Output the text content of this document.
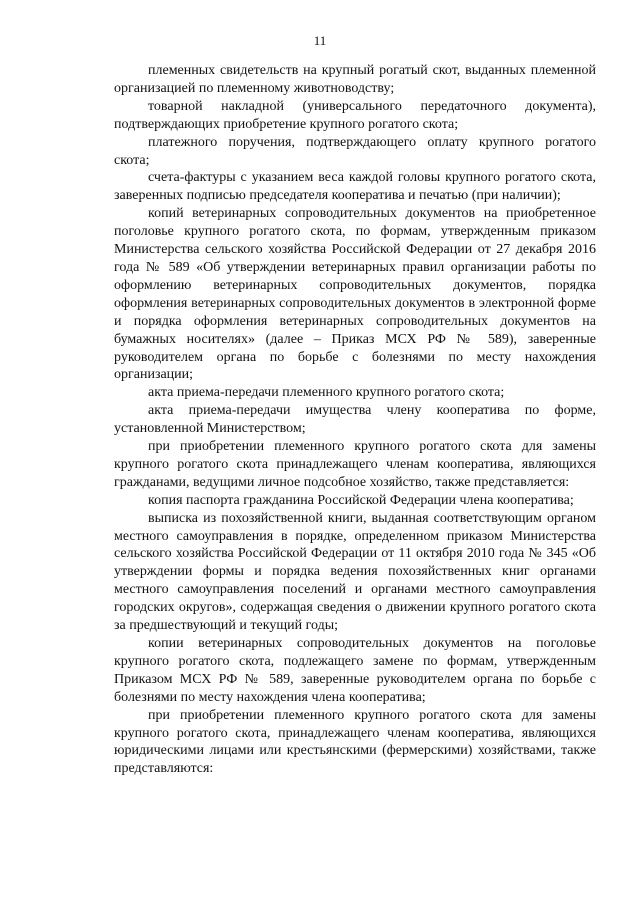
11

племенных свидетельств на крупный рогатый скот, выданных племенной организацией по племенному животноводству;

товарной накладной (универсального передаточного документа), подтверждающих приобретение крупного рогатого скота;

платежного поручения, подтверждающего оплату крупного рогатого скота;

счета-фактуры с указанием веса каждой головы крупного рогатого скота, заверенных подписью председателя кооператива и печатью (при наличии);

копий ветеринарных сопроводительных документов на приобретенное поголовье крупного рогатого скота, по формам, утвержденным приказом Министерства сельского хозяйства Российской Федерации от 27 декабря 2016 года № 589 «Об утверждении ветеринарных правил организации работы по оформлению ветеринарных сопроводительных документов, порядка оформления ветеринарных сопроводительных документов в электронной форме и порядка оформления ветеринарных сопроводительных документов на бумажных носителях» (далее – Приказ МСХ РФ № 589), заверенные руководителем органа по борьбе с болезнями по месту нахождения организации;

акта приема-передачи племенного крупного рогатого скота;

акта приема-передачи имущества члену кооператива по форме, установленной Министерством;

при приобретении племенного крупного рогатого скота для замены крупного рогатого скота принадлежащего членам кооператива, являющихся гражданами, ведущими личное подсобное хозяйство, также представляется:

копия паспорта гражданина Российской Федерации члена кооператива;

выписка из похозяйственной книги, выданная соответствующим органом местного самоуправления в порядке, определенном приказом Министерства сельского хозяйства Российской Федерации от 11 октября 2010 года № 345 «Об утверждении формы и порядка ведения похозяйственных книг органами местного самоуправления поселений и органами местного самоуправления городских округов», содержащая сведения о движении крупного рогатого скота за предшествующий и текущий годы;

копии ветеринарных сопроводительных документов на поголовье крупного рогатого скота, подлежащего замене по формам, утвержденным Приказом МСХ РФ № 589, заверенные руководителем органа по борьбе с болезнями по месту нахождения члена кооператива;

при приобретении племенного крупного рогатого скота для замены крупного рогатого скота, принадлежащего членам кооператива, являющихся юридическими лицами или крестьянскими (фермерскими) хозяйствами, также представляются:
